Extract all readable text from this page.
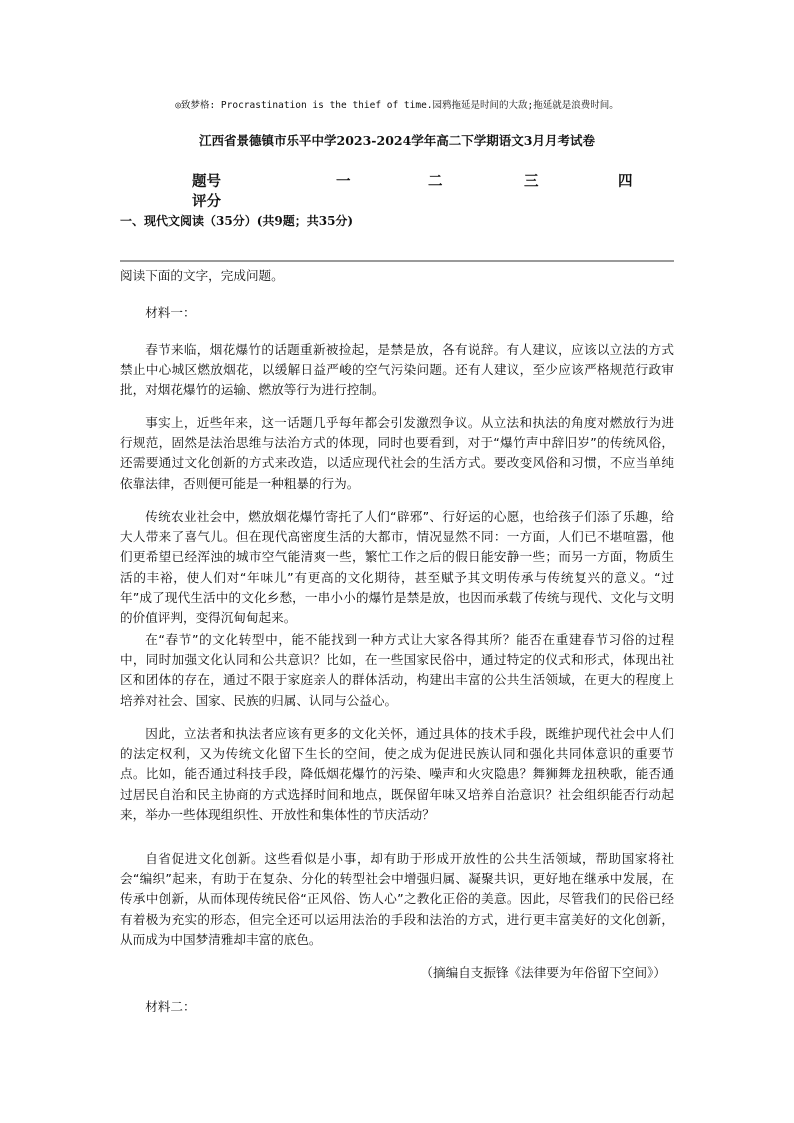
◎致梦格: Procrastination is the thief of time.园鸦拖延是时间的大敌;拖延就是浪费时间。
江西省景德镇市乐平中学2023-2024学年高二下学期语文3月月考试卷
题号	一	二	三	四
评分
一、现代文阅读（35分）(共9题；共35分)
阅读下面的文字，完成问题。
材料一：
春节来临，烟花爆竹的话题重新被捡起，是禁是放，各有说辞。有人建议，应该以立法的方式禁止中心城区燃放烟花，以缓解日益严峻的空气污染问题。还有人建议，至少应该严格规范行政审批，对烟花爆竹的运输、燃放等行为进行控制。
事实上，近些年来，这一话题几乎每年都会引发激烈争议。从立法和执法的角度对燃放行为进行规范，固然是法治思维与法治方式的体现，同时也要看到，对于“爆竹声中辞旧岁”的传统风俗，还需要通过文化创新的方式来改造，以适应现代社会的生活方式。要改变风俗和习惯，不应当单纯依靠法律，否则便可能是一种粗暴的行为。
传统农业社会中，燃放烟花爆竹寄托了人们“辟邪”、行好运的心愿，也给孩子们添了乐趣，给大人带来了喜气儿。但在现代高密度生活的大都市，情况显然不同：一方面，人们已不堪喧嚣，他们更希望已经浑浊的城市空气能清爽一些，繁忙工作之后的假日能安静一些；而另一方面，物质生活的丰裕，使人们对“年味儿”有更高的文化期待，甚至赋予其文明传承与传统复兴的意义。“过年”成了现代生活中的文化乡愁，一串小小的爆竹是禁是放，也因而承载了传统与现代、文化与文明的价值评判，变得沉甸甸起来。
在“春节”的文化转型中，能不能找到一种方式让大家各得其所？能否在重建春节习俗的过程中，同时加强文化认同和公共意识？比如，在一些国家民俗中，通过特定的仪式和形式，体现出社区和团体的存在，通过不限于家庭亲人的群体活动，构建出丰富的公共生活领域，在更大的程度上培养对社会、国家、民族的归属、认同与公益心。
因此，立法者和执法者应该有更多的文化关怀，通过具体的技术手段，既维护现代社会中人们的法定权利，又为传统文化留下生长的空间，使之成为促进民族认同和强化共同体意识的重要节点。比如，能否通过科技手段，降低烟花爆竹的污染、噪声和火灾隐患？舞狮舞龙扭秧歌，能否通过居民自治和民主协商的方式选择时间和地点，既保留年味又培养自治意识？社会组织能否行动起来，举办一些体现组织性、开放性和集体性的节庆活动？
自省促进文化创新。这些看似是小事，却有助于形成开放性的公共生活领域，帮助国家将社会“编织”起来，有助于在复杂、分化的转型社会中增强归属、凝聚共识，更好地在继承中发展，在传承中创新，从而体现传统民俗“正风俗、饬人心”之教化正俗的美意。因此，尽管我们的民俗已经有着极为充实的形态，但完全还可以运用法治的手段和法治的方式，进行更丰富美好的文化创新，从而成为中国梦清雅却丰富的底色。
（摘编自支振锋《法律要为年俗留下空间》）
材料二：
